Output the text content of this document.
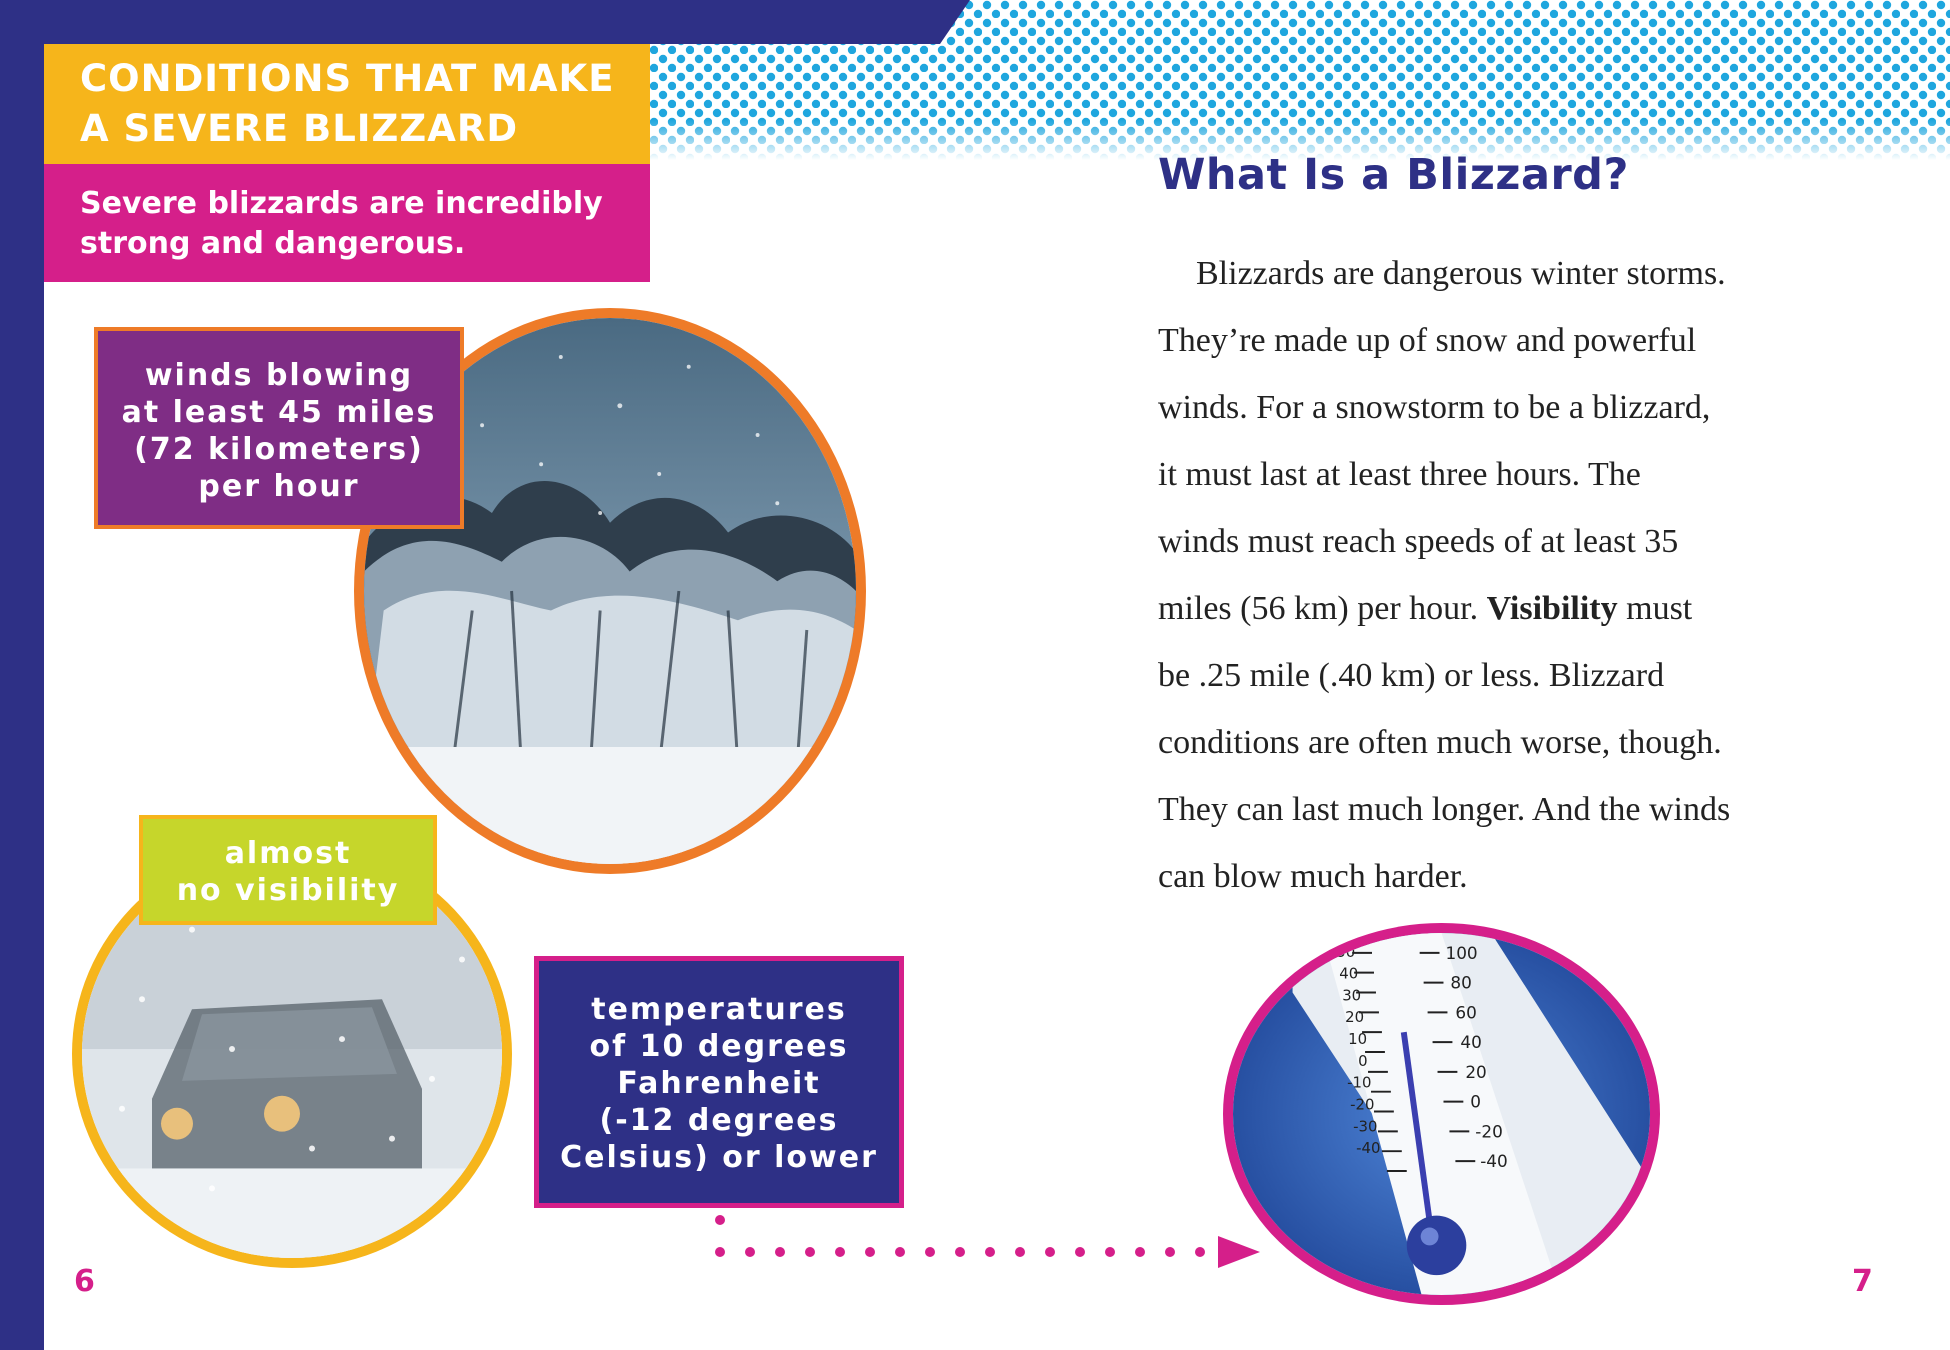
CONDITIONS THAT MAKE
A SEVERE BLIZZARD
Severe blizzards are incredibly
strong and dangerous.
winds blowing
at least 45 miles
(72 kilometers)
per hour
almost
no visibility
temperatures
of 10 degrees
Fahrenheit
(-12 degrees
Celsius) or lower
What Is a Blizzard?
Blizzards are dangerous winter storms.
They’re made up of snow and powerful
winds. For a snowstorm to be a blizzard,
it must last at least three hours. The
winds must reach speeds of at least 35
miles (56 km) per hour. Visibility must
be .25 mile (.40 km) or less. Blizzard
conditions are often much worse, though.
They can last much longer. And the winds
can blow much harder.
50
40
30
20
10
0
-10
-20
-30
-40
100
80
60
40
20
0
-20
-40
6	7
